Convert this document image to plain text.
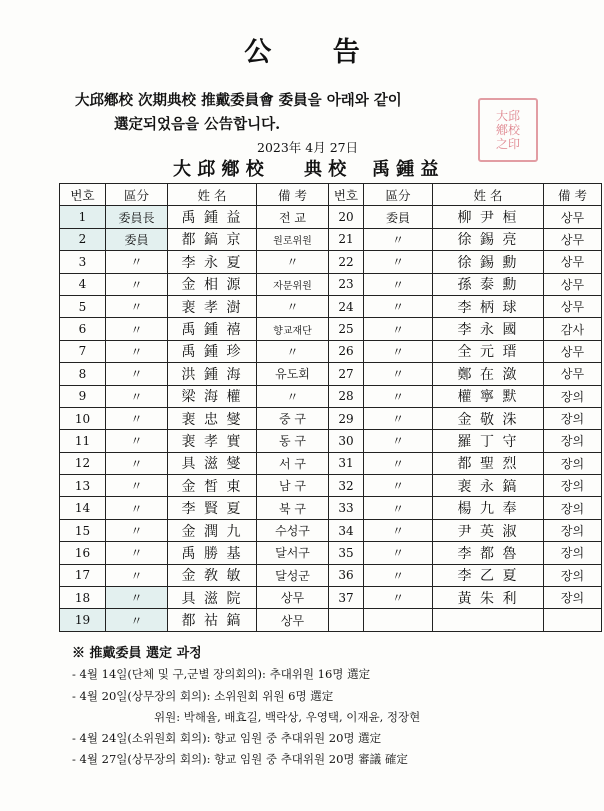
公 告
大邱鄕校 次期典校 推戴委員會 委員을 아래와 같이
選定되었음을 公告합니다.
2023年 4月 27日
大邱
鄕校
之印
大 邱 鄕 校 典 校 禹 鍾 益
번호	區分	姓 名	備 考	번호	區分	姓 名	備 考
1	委員長	禹 鍾 益	전 교	20	委員	柳 尹 桓	상무
2	委員	都 鎬 京	원로위원	21	〃	徐 錫 亮	상무
3	〃	李 永 夏	〃	22	〃	徐 錫 勳	상무
4	〃	金 相 源	자문위원	23	〃	孫 泰 勳	상무
5	〃	裵 孝 澍	〃	24	〃	李 柄 球	상무
6	〃	禹 鍾 禧	향교재단	25	〃	李 永 國	감사
7	〃	禹 鍾 珍	〃	26	〃	全 元 瑨	상무
8	〃	洪 鍾 海	유도회	27	〃	鄭 在 潋	상무
9	〃	梁 海 權	〃	28	〃	權 寧 默	장의
10	〃	裵 忠 燮	중 구	29	〃	金 敬 洙	장의
11	〃	裵 孝 實	동 구	30	〃	羅 丁 守	장의
12	〃	具 滋 燮	서 구	31	〃	都 聖 烈	장의
13	〃	金 皙 東	남 구	32	〃	裵 永 鎬	장의
14	〃	李 賢 夏	북 구	33	〃	楊 九 奉	장의
15	〃	金 潤 九	수성구	34	〃	尹 英 淑	장의
16	〃	禹 勝 基	달서구	35	〃	李 都 魯	장의
17	〃	金 敎 敏	달성군	36	〃	李 乙 夏	장의
18	〃	具 滋 院	상무	37	〃	黃 朱 利	장의
19	〃	都 祜 鎬	상무				
※ 推戴委員 選定 과정
- 4월 14일(단체 및 구,군별 장의회의): 추대위원 16명 選定
- 4월 20일(상무장의 회의): 소위원회 위원 6명 選定
위원: 박해율, 배효길, 백락상, 우영택, 이재윤, 정장현
- 4월 24일(소위원회 회의): 향교 임원 중 추대위원 20명 選定
- 4월 27일(상무장의 회의): 향교 임원 중 추대위원 20명 審議 確定
